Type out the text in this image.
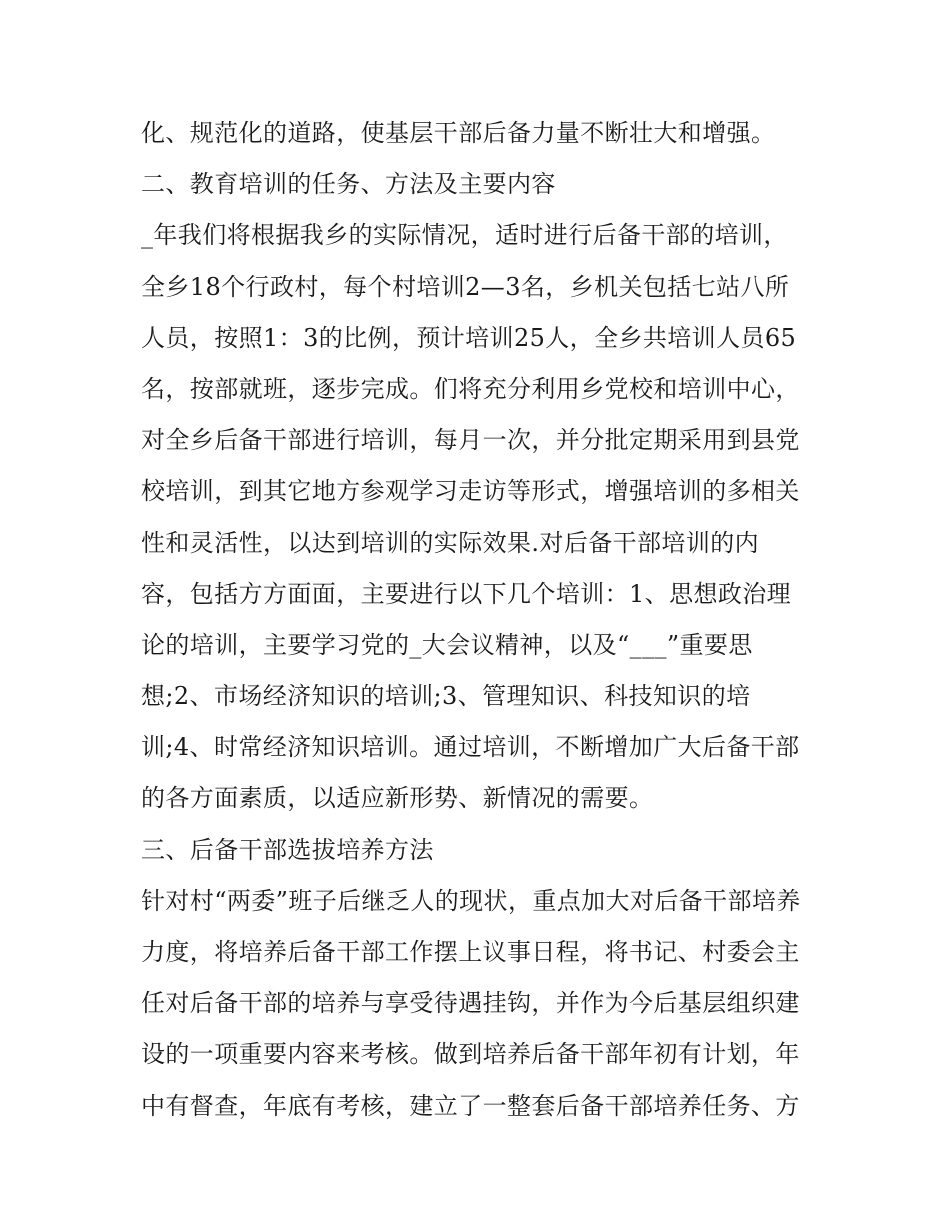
化、规范化的道路，使基层干部后备力量不断壮大和增强。
二、教育培训的任务、方法及主要内容
_年我们将根据我乡的实际情况，适时进行后备干部的培训，
全乡18个行政村，每个村培训2—3名，乡机关包括七站八所
人员，按照1：3的比例，预计培训25人，全乡共培训人员65
名，按部就班，逐步完成。们将充分利用乡党校和培训中心，
对全乡后备干部进行培训，每月一次，并分批定期采用到县党
校培训，到其它地方参观学习走访等形式，增强培训的多相关
性和灵活性，以达到培训的实际效果.对后备干部培训的内
容，包括方方面面，主要进行以下几个培训：1、思想政治理
论的培训，主要学习党的_大会议精神，以及“___”重要思
想;2、市场经济知识的培训;3、管理知识、科技知识的培
训;4、时常经济知识培训。通过培训，不断增加广大后备干部
的各方面素质，以适应新形势、新情况的需要。
三、后备干部选拔培养方法
针对村“两委”班子后继乏人的现状，重点加大对后备干部培养
力度，将培养后备干部工作摆上议事日程，将书记、村委会主
任对后备干部的培养与享受待遇挂钩，并作为今后基层组织建
设的一项重要内容来考核。做到培养后备干部年初有计划，年
中有督查，年底有考核，建立了一整套后备干部培养任务、方
